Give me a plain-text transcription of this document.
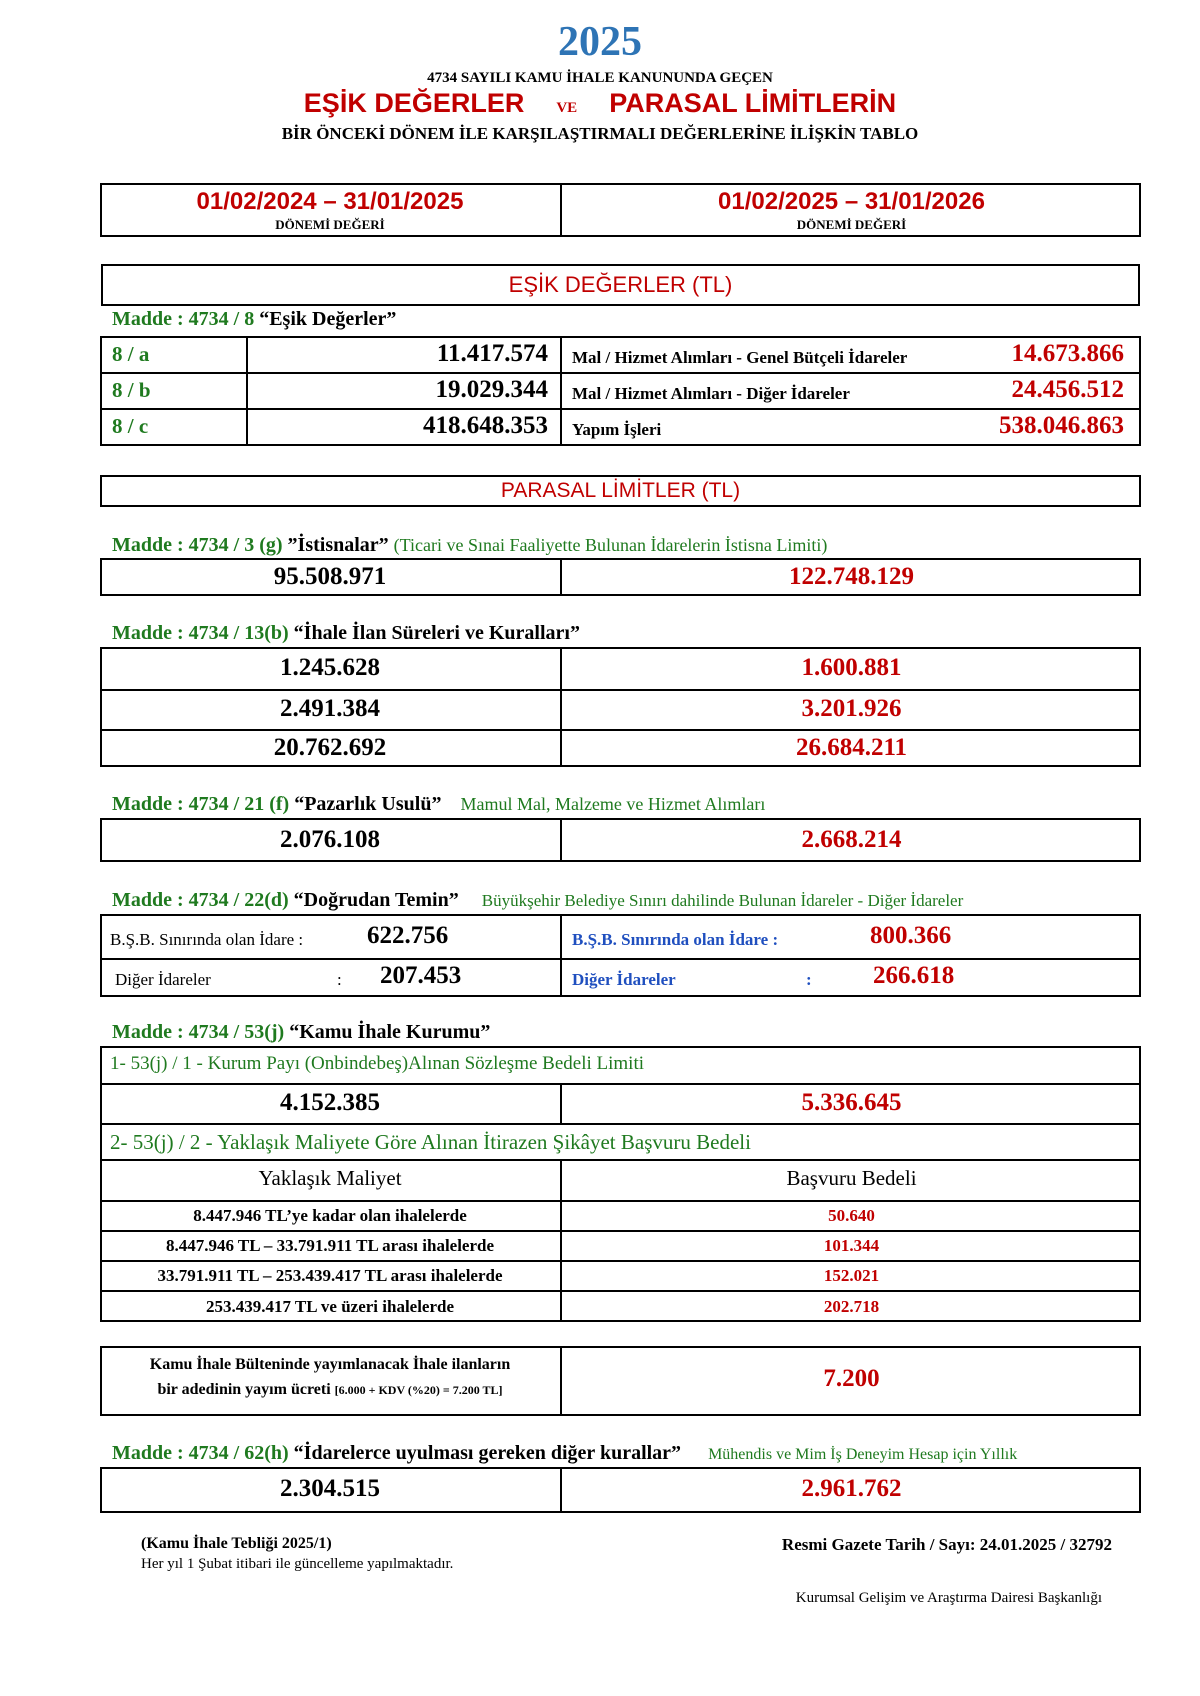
2025
4734 SAYILI KAMU İHALE KANUNUNDA GEÇEN
EŞİK DEĞERLER VE PARASAL LİMİTLERİN
BİR ÖNCEKİ DÖNEM İLE KARŞILAŞTIRMALI DEĞERLERİNE İLİŞKİN TABLO
01/02/2024 – 31/01/2025
DÖNEMİ DEĞERİ
01/02/2025 – 31/01/2026
DÖNEMİ DEĞERİ
EŞİK DEĞERLER (TL)
Madde : 4734 / 8 “Eşik Değerler”
8 / a	11.417.574 Mal / Hizmet Alımları - Genel Bütçeli İdareler	14.673.866
8 / b	19.029.344 Mal / Hizmet Alımları - Diğer İdareler	24.456.512
8 / c	418.648.353 Yapım İşleri	538.046.863
PARASAL LİMİTLER (TL)
Madde : 4734 / 3 (g) ”İstisnalar” (Ticari ve Sınai Faaliyette Bulunan İdarelerin İstisna Limiti)
95.508.971	122.748.129
Madde : 4734 / 13(b) “İhale İlan Süreleri ve Kuralları”
1.245.628	1.600.881
2.491.384	3.201.926
20.762.692	26.684.211
Madde : 4734 / 21 (f) “Pazarlık Usulü” Mamul Mal, Malzeme ve Hizmet Alımları
2.076.108	2.668.214
Madde : 4734 / 22(d) “Doğrudan Temin” Büyükşehir Belediye Sınırı dahilinde Bulunan İdareler - Diğer İdareler
B.Ş.B. Sınırında olan İdare :	622.756	B.Ş.B. Sınırında olan İdare :	800.366
Diğer İdareler	: 207.453	Diğer İdareler	: 266.618
Madde : 4734 / 53(j) “Kamu İhale Kurumu”
1- 53(j) / 1 - Kurum Payı (Onbindebeş)Alınan Sözleşme Bedeli Limiti
4.152.385	5.336.645
2- 53(j) / 2 - Yaklaşık Maliyete Göre Alınan İtirazen Şikâyet Başvuru Bedeli
Yaklaşık Maliyet	Başvuru Bedeli
8.447.946 TL’ye kadar olan ihalelerde	50.640
8.447.946 TL – 33.791.911 TL arası ihalelerde	101.344
33.791.911 TL – 253.439.417 TL arası ihalelerde	152.021
253.439.417 TL ve üzeri ihalelerde	202.718
Kamu İhale Bülteninde yayımlanacak İhale ilanların
bir adedinin yayım ücreti [6.000 + KDV (%20) = 7.200 TL]	7.200
Madde : 4734 / 62(h) “İdarelerce uyulması gereken diğer kurallar” Mühendis ve Mim İş Deneyim Hesap için Yıllık
2.304.515	2.961.762
(Kamu İhale Tebliği 2025/1)
Her yıl 1 Şubat itibari ile güncelleme yapılmaktadır.
Resmi Gazete Tarih / Sayı: 24.01.2025 / 32792
Kurumsal Gelişim ve Araştırma Dairesi Başkanlığı
